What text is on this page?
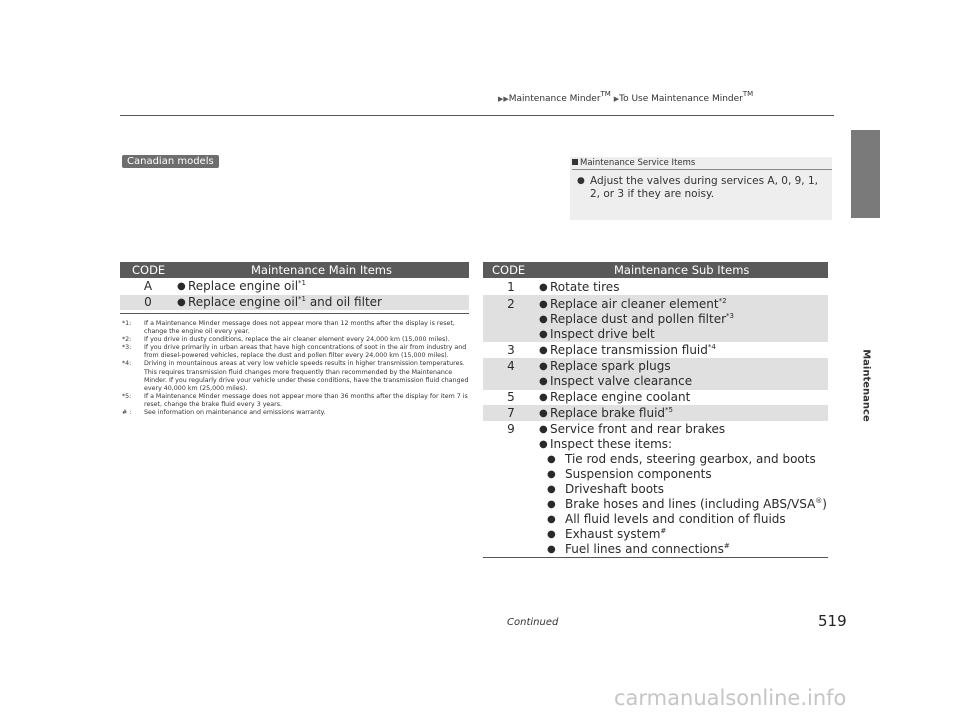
▶▶Maintenance Minder™ ▶To Use Maintenance Minder™
Maintenance
Canadian models	Maintenance Service Items
● Adjust the valves during services A, 0, 9, 1, 2, or 3 if they are noisy.
CODE	Maintenance Main Items
A	● Replace engine oil$^{*1}$
0	● Replace engine oil$^{*1}$ and oil filter
*1:	If a Maintenance Minder message does not appear more than 12 months after the display is reset, change the engine oil every year.
*2:	If you drive in dusty conditions, replace the air cleaner element every 24,000 km (15,000 miles).
*3:	If you drive primarily in urban areas that have high concentrations of soot in the air from industry and from diesel-powered vehicles, replace the dust and pollen filter every 24,000 km (15,000 miles).
*4:	Driving in mountainous areas at very low vehicle speeds results in higher transmission temperatures. This requires transmission fluid changes more frequently than recommended by the Maintenance Minder. If you regularly drive your vehicle under these conditions, have the transmission fluid changed every 40,000 km (25,000 miles).
*5:	If a Maintenance Minder message does not appear more than 36 months after the display for item 7 is reset, change the brake fluid every 3 years.
# :	See information on maintenance and emissions warranty.
CODE	Maintenance Sub Items
1	● Rotate tires
2	● Replace air cleaner element$^{*2}$
● Replace dust and pollen filter$^{*3}$
● Inspect drive belt
3	● Replace transmission fluid$^{*4}$
4	● Replace spark plugs
● Inspect valve clearance
5	● Replace engine coolant
7	● Replace brake fluid$^{*5}$
9	● Service front and rear brakes
● Inspect these items:
● Tie rod ends, steering gearbox, and boots
● Suspension components
● Driveshaft boots
● Brake hoses and lines (including ABS/VSA®)
● All fluid levels and condition of fluids
● Exhaust system#
● Fuel lines and connections#
Continued	519
carmanualsonline.info
